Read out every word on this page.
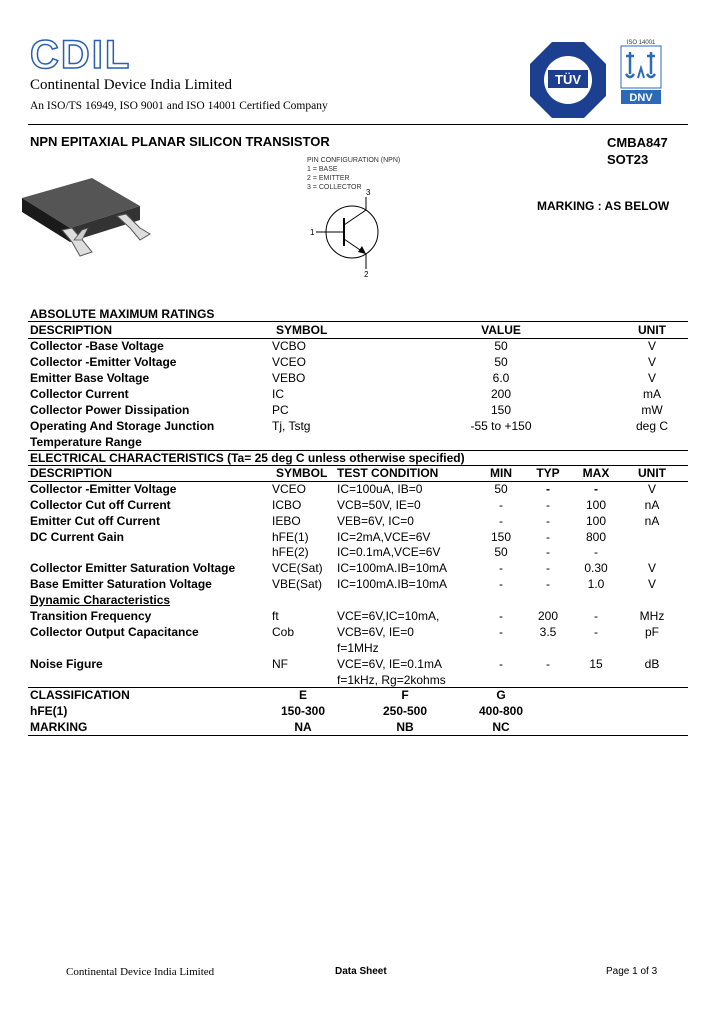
CDIL
Continental Device India Limited
An ISO/TS 16949, ISO 9001 and ISO 14001 Certified Company
TÜV
ISO 14001
DNV
NPN EPITAXIAL PLANAR SILICON TRANSISTOR	CMBA847
SOT23
PIN CONFIGURATION (NPN)
1 = BASE
2 = EMITTER
3 = COLLECTOR
1
3
2
MARKING : AS BELOW
ABSOLUTE MAXIMUM RATINGS
DESCRIPTION	SYMBOL	VALUE	UNIT
Collector -Base Voltage	VCBO	50	V
Collector -Emitter Voltage	VCEO	50	V
Emitter Base Voltage	VEBO	6.0	V
Collector Current	IC	200	mA
Collector Power Dissipation	PC	150	mW
Operating And Storage Junction	Tj, Tstg	-55 to +150	deg C
Temperature Range
ELECTRICAL CHARACTERISTICS (Ta= 25 deg C unless otherwise specified)
DESCRIPTION	SYMBOL TEST CONDITION	MIN TYP MAX UNIT
Collector -Emitter Voltage	VCEO	IC=100uA, IB=0	50	-	-	V
Collector Cut off Current	ICBO	VCB=50V, IE=0	-	-	100	nA
Emitter Cut off Current	IEBO	VEB=6V, IC=0	-	-	100	nA
DC Current Gain	hFE(1) IC=2mA,VCE=6V	150	-	800
hFE(2) IC=0.1mA,VCE=6V	50	-	-
Collector Emitter Saturation Voltage	VCE(Sat) IC=100mA.IB=10mA	-	-	0.30	V
Base Emitter Saturation Voltage	VBE(Sat) IC=100mA.IB=10mA	-	-	1.0	V
Dynamic Characteristics
Transition Frequency	ft	VCE=6V,IC=10mA,	-	200	-	MHz
Collector Output Capacitance	Cob	VCB=6V, IE=0	-	3.5	-	pF
f=1MHz
Noise Figure	NF	VCE=6V, IE=0.1mA	-	-	15	dB
f=1kHz, Rg=2kohms
CLASSIFICATION	E	F	G
hFE(1)	150-300	250-500	400-800
MARKING	NA	NB	NC
Continental Device India Limited	Data Sheet	Page 1 of 3
